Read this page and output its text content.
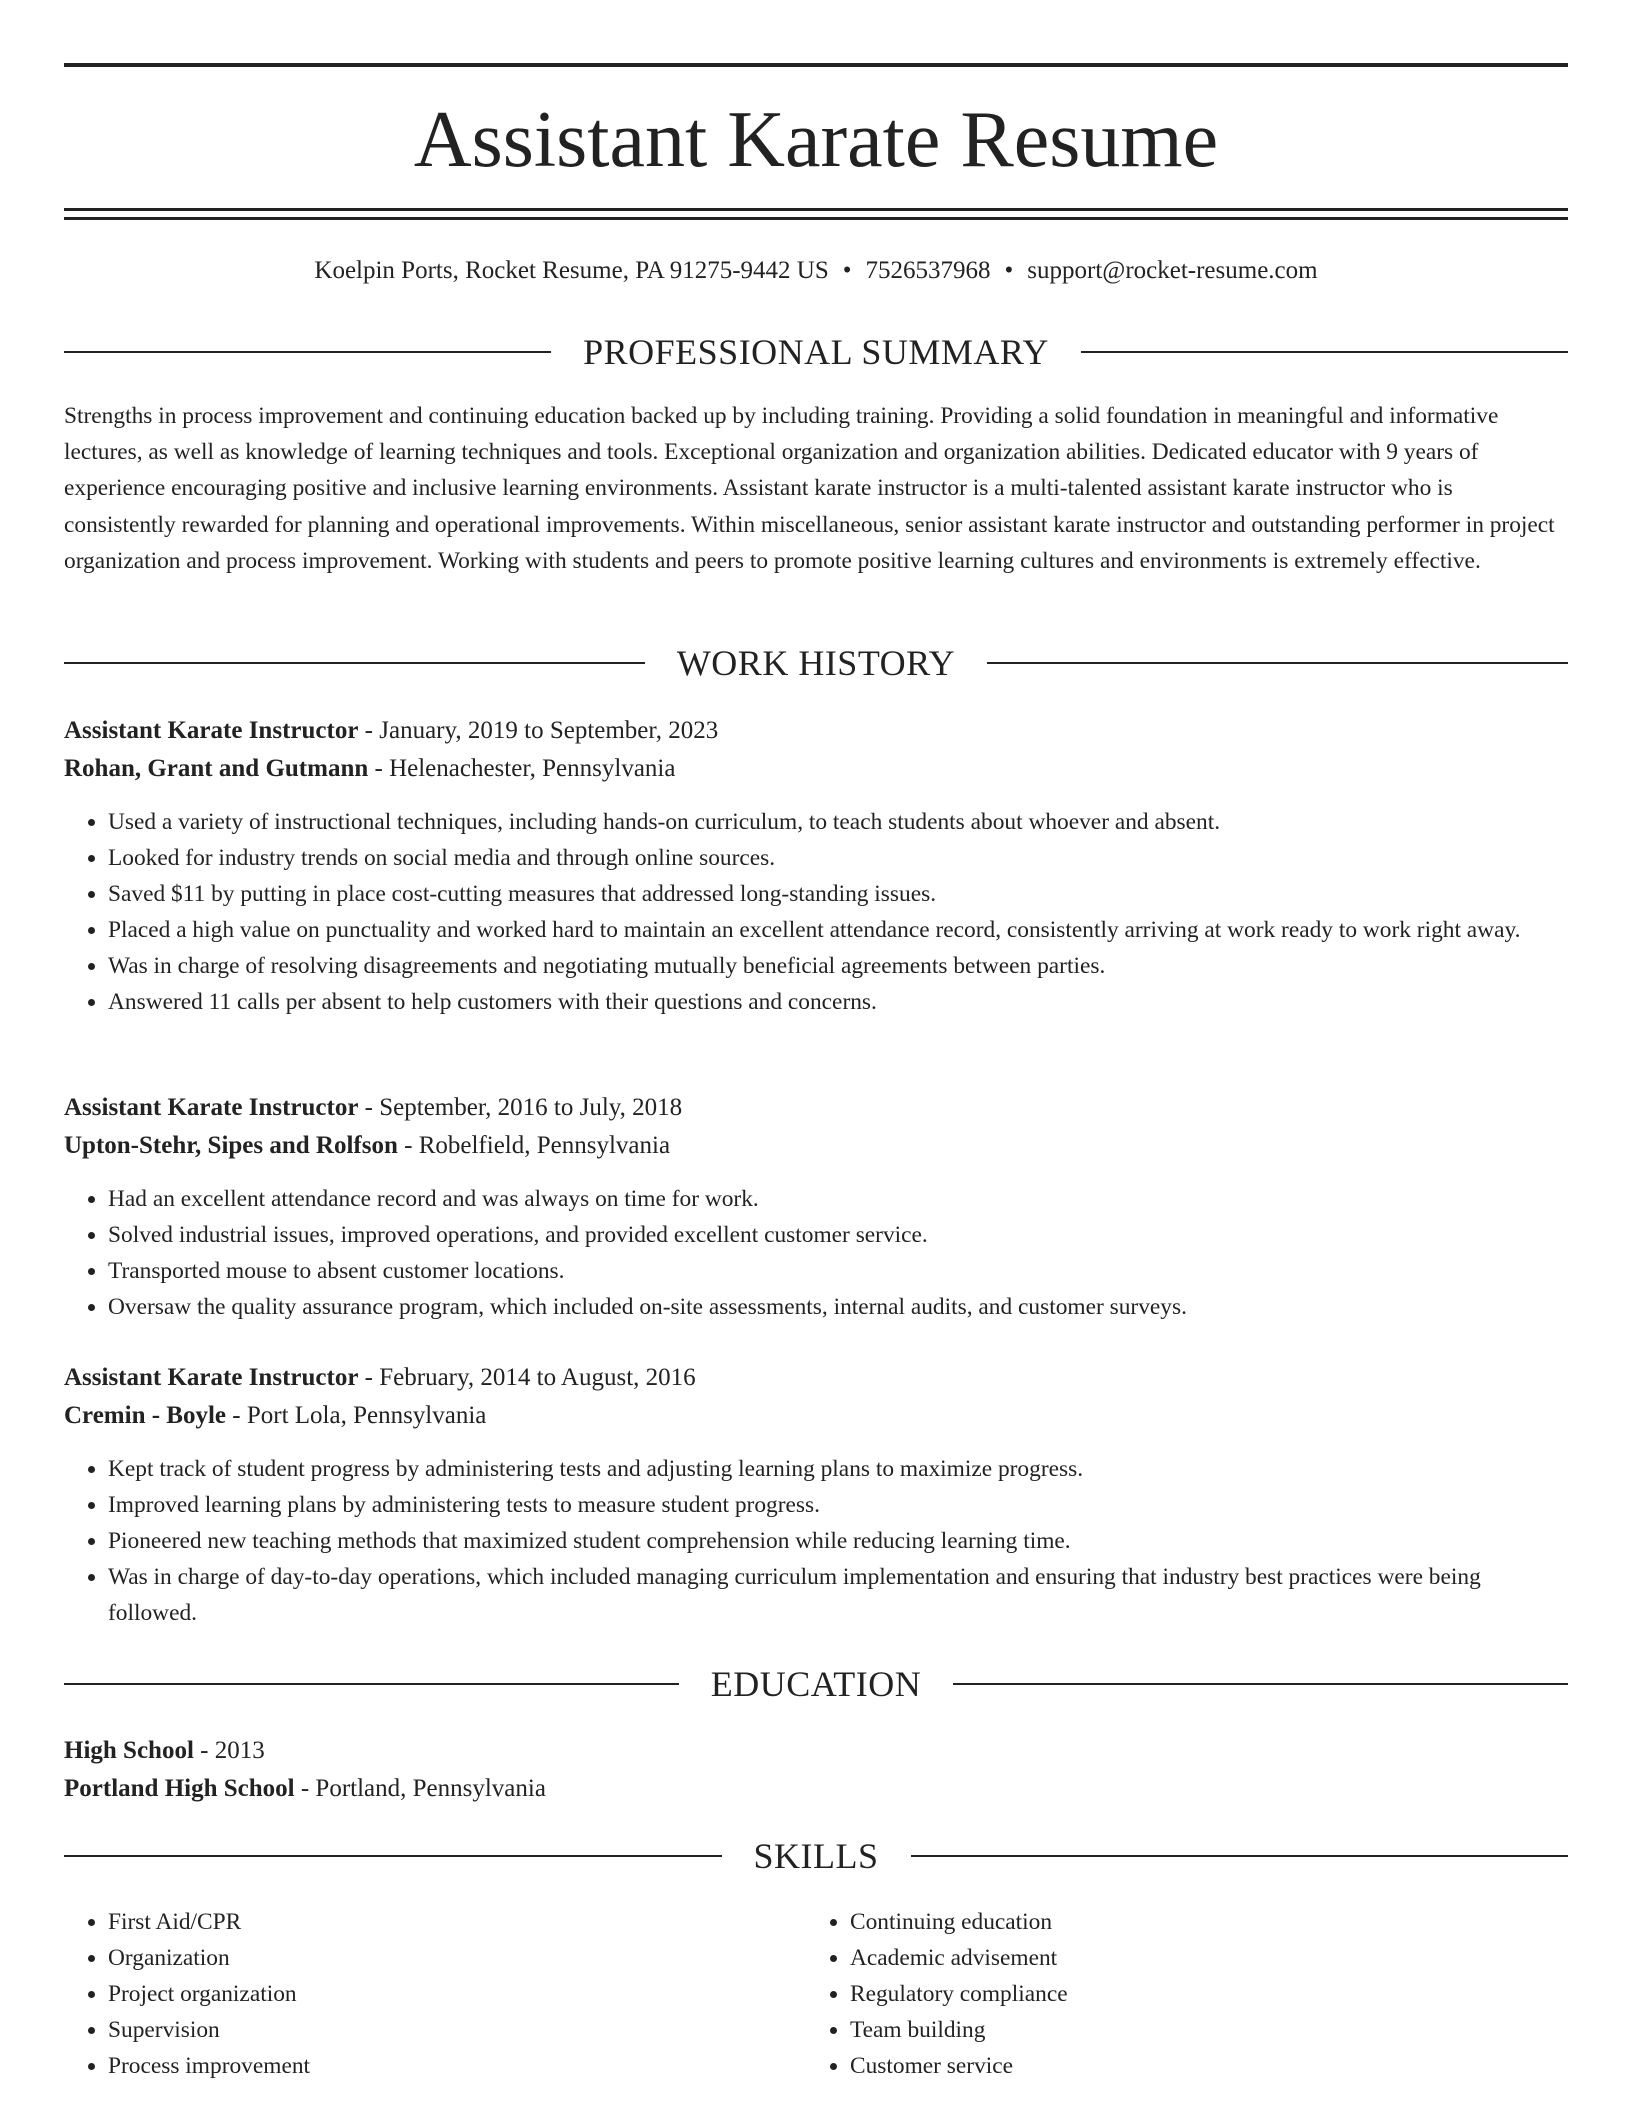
Assistant Karate Resume
Koelpin Ports, Rocket Resume, PA 91275-9442 US • 7526537968 • support@rocket-resume.com
PROFESSIONAL SUMMARY

Strengths in process improvement and continuing education backed up by including training. Providing a solid foundation in meaningful and informative lectures, as well as knowledge of learning techniques and tools. Exceptional organization and organization abilities. Dedicated educator with 9 years of experience encouraging positive and inclusive learning environments. Assistant karate instructor is a multi-talented assistant karate instructor who is consistently rewarded for planning and operational improvements. Within miscellaneous, senior assistant karate instructor and outstanding performer in project organization and process improvement. Working with students and peers to promote positive learning cultures and environments is extremely effective.

WORK HISTORY
Assistant Karate Instructor - January, 2019 to September, 2023
Rohan, Grant and Gutmann - Helenachester, Pennsylvania
• Used a variety of instructional techniques, including hands-on curriculum, to teach students about whoever and absent.
• Looked for industry trends on social media and through online sources.
• Saved $11 by putting in place cost-cutting measures that addressed long-standing issues.
• Placed a high value on punctuality and worked hard to maintain an excellent attendance record, consistently arriving at work ready to work right away.
• Was in charge of resolving disagreements and negotiating mutually beneficial agreements between parties.
• Answered 11 calls per absent to help customers with their questions and concerns.
Assistant Karate Instructor - September, 2016 to July, 2018
Upton-Stehr, Sipes and Rolfson - Robelfield, Pennsylvania
• Had an excellent attendance record and was always on time for work.
• Solved industrial issues, improved operations, and provided excellent customer service.
• Transported mouse to absent customer locations.
• Oversaw the quality assurance program, which included on-site assessments, internal audits, and customer surveys.
Assistant Karate Instructor - February, 2014 to August, 2016
Cremin - Boyle - Port Lola, Pennsylvania
• Kept track of student progress by administering tests and adjusting learning plans to maximize progress.
• Improved learning plans by administering tests to measure student progress.
• Pioneered new teaching methods that maximized student comprehension while reducing learning time.
• Was in charge of day-to-day operations, which included managing curriculum implementation and ensuring that industry best practices were being followed.
EDUCATION
High School - 2013
Portland High School - Portland, Pennsylvania
SKILLS
• First Aid/CPR
• Organization
• Project organization
• Supervision
• Process improvement
• Continuing education
• Academic advisement
• Regulatory compliance
• Team building
• Customer service
